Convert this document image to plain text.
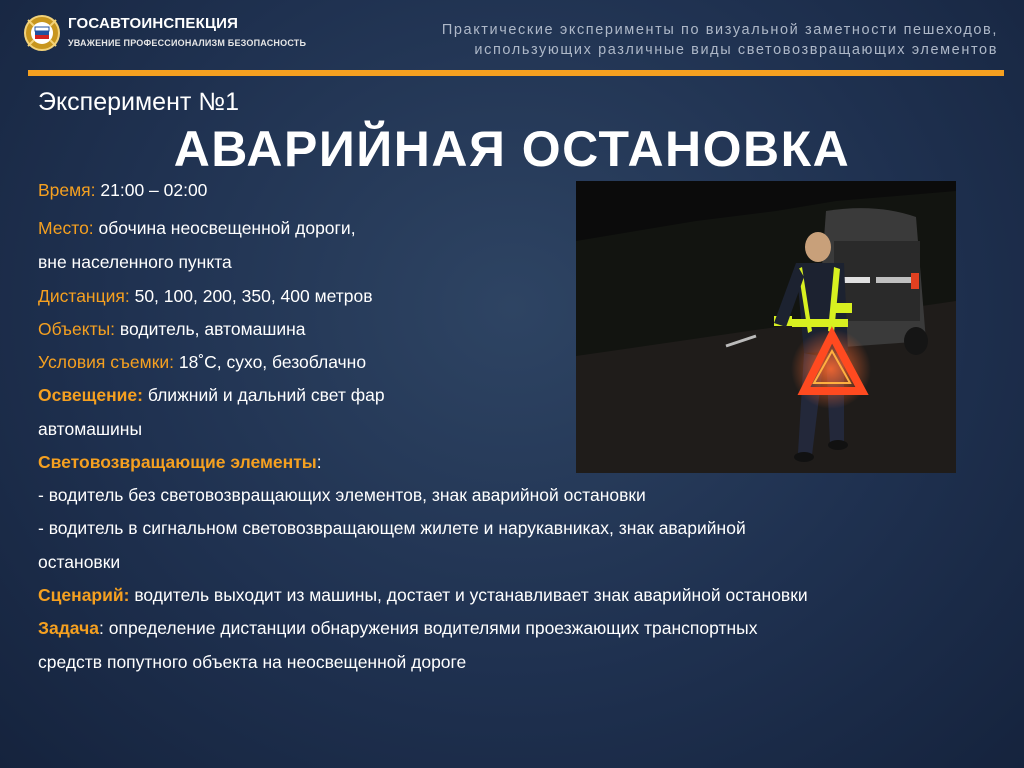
ГОСАВТОИНСПЕКЦИЯ
УВАЖЕНИЕ ПРОФЕССИОНАЛИЗМ БЕЗОПАСНОСТЬ
Практические эксперименты по визуальной заметности пешеходов,
использующих различные виды световозвращающих элементов
Эксперимент №1
АВАРИЙНАЯ ОСТАНОВКА
Время: 21:00 – 02:00
Место: обочина неосвещенной дороги,
вне населенного пункта
Дистанция: 50, 100, 200, 350, 400 метров
Объекты: водитель, автомашина
Условия съемки: 18˚С, сухо, безоблачно
Освещение: ближний и дальний свет фар
автомашины
Световозвращающие элементы:
- водитель без световозвращающих элементов, знак аварийной остановки
- водитель в сигнальном световозвращающем жилете и нарукавниках, знак аварийной
остановки
Сценарий: водитель выходит из машины, достает и устанавливает знак аварийной остановки
Задача: определение дистанции обнаружения водителями проезжающих транспортных
средств попутного объекта на неосвещенной дороге
